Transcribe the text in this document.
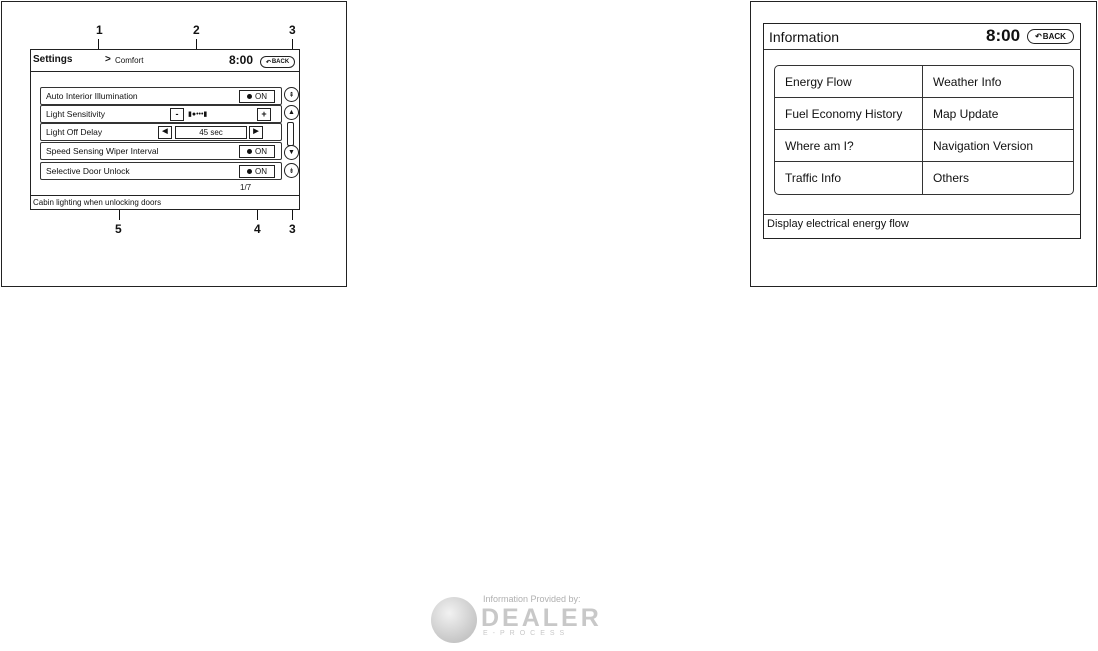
1	2	3
3
4
5
Settings	> Comfort	8:00 ↶ BACK
Auto Interior Illumination	ON
Light Sensitivity	-	▮●•••▮	+
Light Off Delay	◀	45 sec	▶
Speed Sensing Wiper Interval	ON
Selective Door Unlock	ON
⇞
▲
▼
⇟
1/7
Cabin lighting when unlocking doors
Information	8:00 ↶ BACK
Energy Flow	Weather Info
Fuel Economy History	Map Update
Where am I?	Navigation Version
Traffic Info	Others
Display electrical energy flow
Information Provided by:
DEALER
E-PROCESS
